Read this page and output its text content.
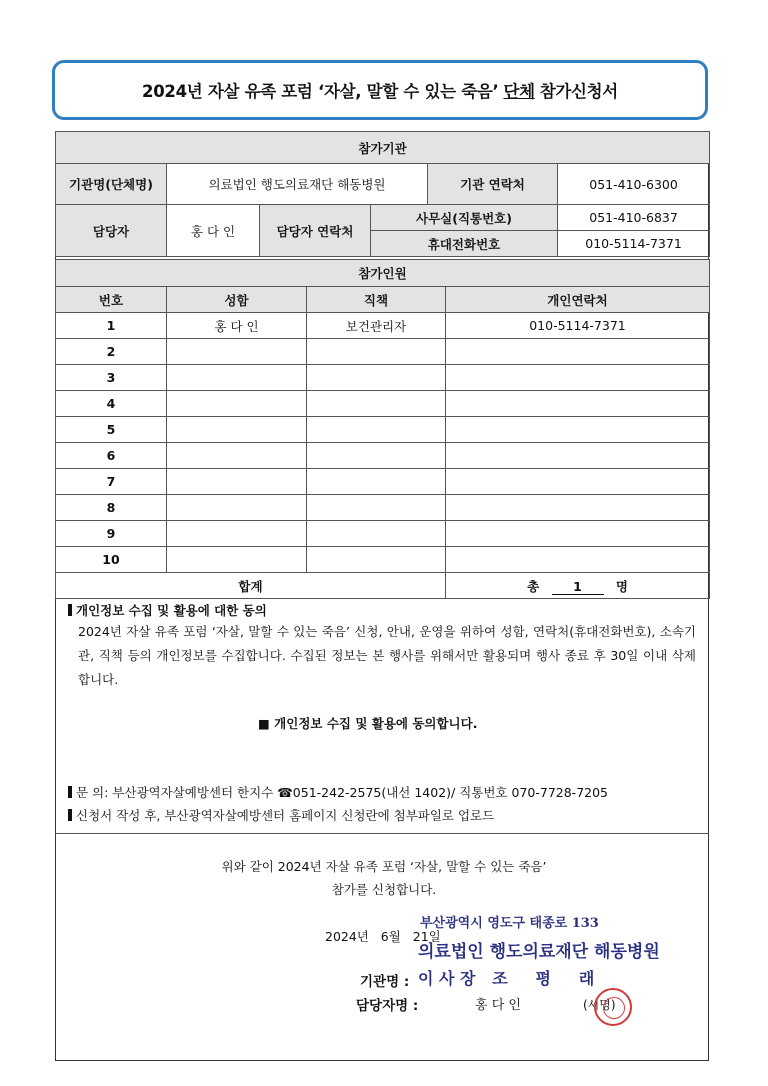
2024년 자살 유족 포럼 ‘자살, 말할 수 있는 죽음’ 단체 참가신청서
참가기관					
기관명(단체명)	의료법인 행도의료재단 해동병원			기관 연락처	051-410-6300
담당자	홍 다 인	담당자 연락처	사무실(직통번호)		051-410-6837
			휴대전화번호		010-5114-7371
참가인원			
번호	성함	직책	개인연락처
1	홍 다 인	보건관리자	010-5114-7371
2			
3			
4			
5			
6			
7			
8			
9			
10			
합계			총 1 명
개인정보 수집 및 활용에 대한 동의
2024년 자살 유족 포럼 ‘자살, 말할 수 있는 죽음’ 신청, 안내, 운영을 위하여 성함, 연락처(휴대전화번호), 소속기관, 직책 등의 개인정보를 수집합니다. 수집된 정보는 본 행사를 위해서만 활용되며 행사 종료 후 30일 이내 삭제합니다.
■ 개인정보 수집 및 활용에 동의합니다.
문 의: 부산광역자살예방센터 한지수 ☎051-242-2575(내선 1402)/ 직통번호 070-7728-7205
신청서 작성 후, 부산광역자살예방센터 홈페이지 신청란에 첨부파일로 업로드
위와 같이 2024년 자살 유족 포럼 ‘자살, 말할 수 있는 죽음’
참가를 신청합니다.
2024년   6월   21일
부산광역시 영도구 태종로 133
의료법인 행도의료재단 해동병원
기관명 : 이 사 장   조     평     래
담당자명 :	홍 다 인	(서명)
